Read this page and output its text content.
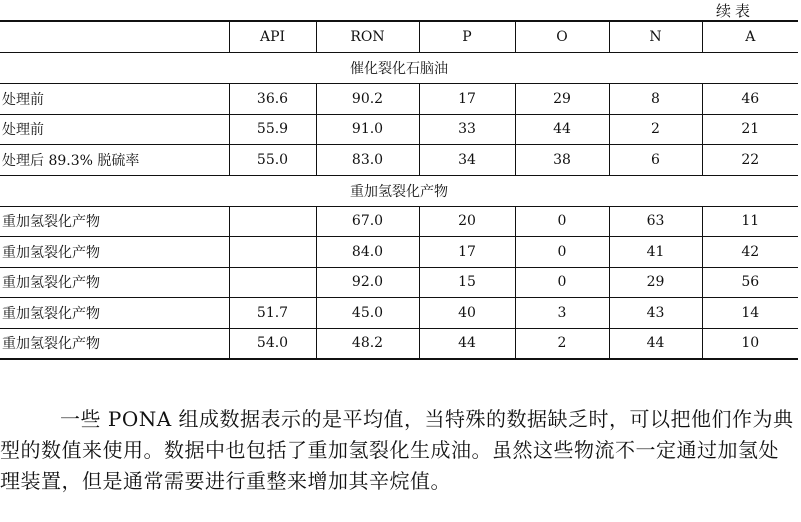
续表
	API	RON	P	O	N	A
催化裂化石脑油						
处理前	36.6	90.2	17	29	8	46
处理前	55.9	91.0	33	44	2	21
处理后 89.3% 脱硫率	55.0	83.0	34	38	6	22
重加氢裂化产物						
重加氢裂化产物		67.0	20	0	63	11
重加氢裂化产物		84.0	17	0	41	42
重加氢裂化产物		92.0	15	0	29	56
重加氢裂化产物	51.7	45.0	40	3	43	14
重加氢裂化产物	54.0	48.2	44	2	44	10

一些 PONA 组成数据表示的是平均值，当特殊的数据缺乏时，可以把他们作为典型的数值来使用。数据中也包括了重加氢裂化生成油。虽然这些物流不一定通过加氢处理装置，但是通常需要进行重整来增加其辛烷值。
